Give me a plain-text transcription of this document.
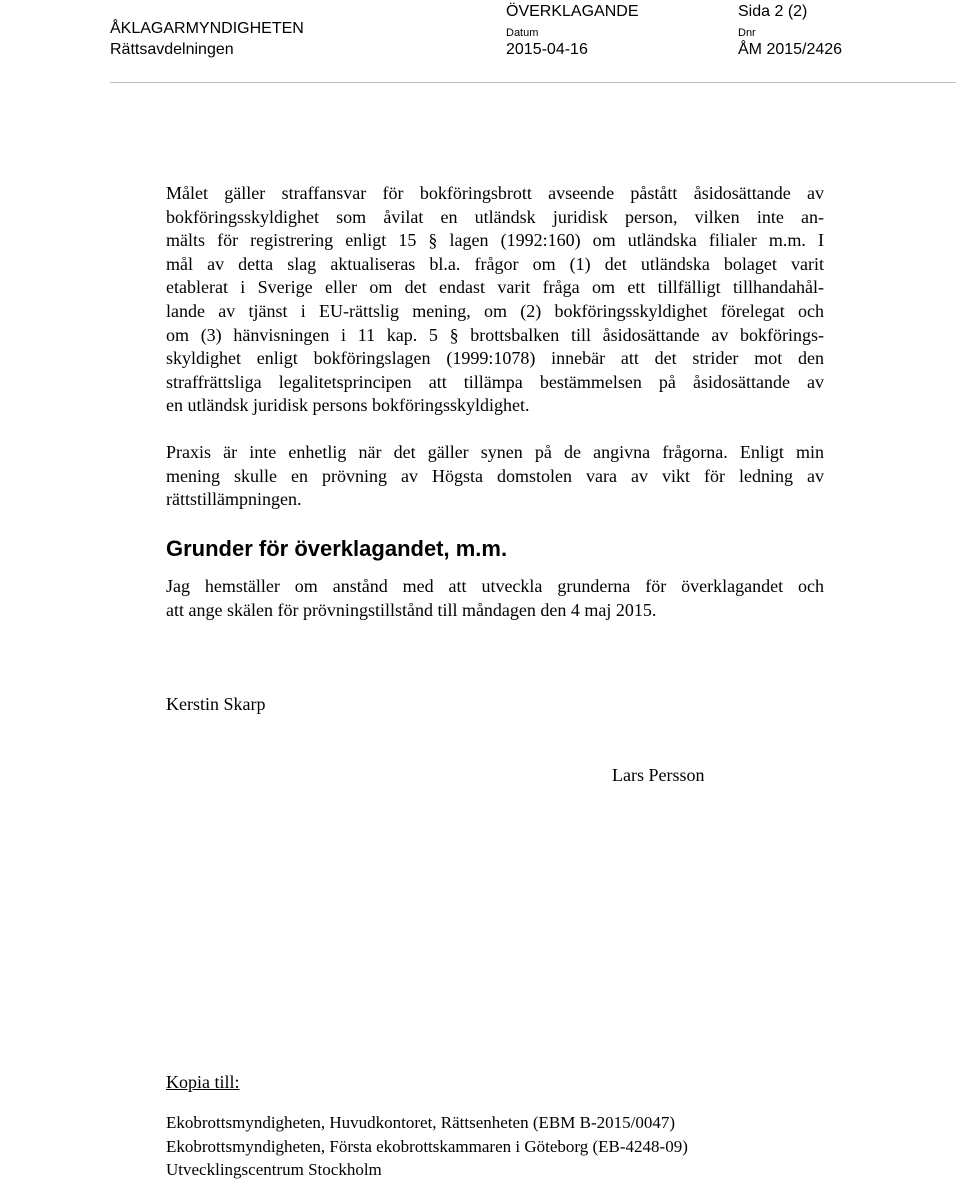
ÅKLAGARMYNDIGHETEN
Rättsavdelningen
ÖVERKLAGANDE
Datum
2015-04-16
Sida 2 (2)
Dnr
ÅM 2015/2426

Målet gäller straffansvar för bokföringsbrott avseende påstått åsidosättande av
bokföringsskyldighet som åvilat en utländsk juridisk person, vilken inte an-
mälts för registrering enligt 15 § lagen (1992:160) om utländska filialer m.m. I
mål av detta slag aktualiseras bl.a. frågor om (1) det utländska bolaget varit
etablerat i Sverige eller om det endast varit fråga om ett tillfälligt tillhandahål-
lande av tjänst i EU-rättslig mening, om (2) bokföringsskyldighet förelegat och
om (3) hänvisningen i 11 kap. 5 § brottsbalken till åsidosättande av bokförings-
skyldighet enligt bokföringslagen (1999:1078) innebär att det strider mot den
straffrättsliga legalitetsprincipen att tillämpa bestämmelsen på åsidosättande av
en utländsk juridisk persons bokföringsskyldighet.

Praxis är inte enhetlig när det gäller synen på de angivna frågorna. Enligt min
mening skulle en prövning av Högsta domstolen vara av vikt för ledning av
rättstillämpningen.

Grunder för överklagandet, m.m.

Jag hemställer om anstånd med att utveckla grunderna för överklagandet och
att ange skälen för prövningstillstånd till måndagen den 4 maj 2015.

Kerstin Skarp
Lars Persson
Kopia till:
Ekobrottsmyndigheten, Huvudkontoret, Rättsenheten (EBM B-2015/0047)
Ekobrottsmyndigheten, Första ekobrottskammaren i Göteborg (EB-4248-09)
Utvecklingscentrum Stockholm
